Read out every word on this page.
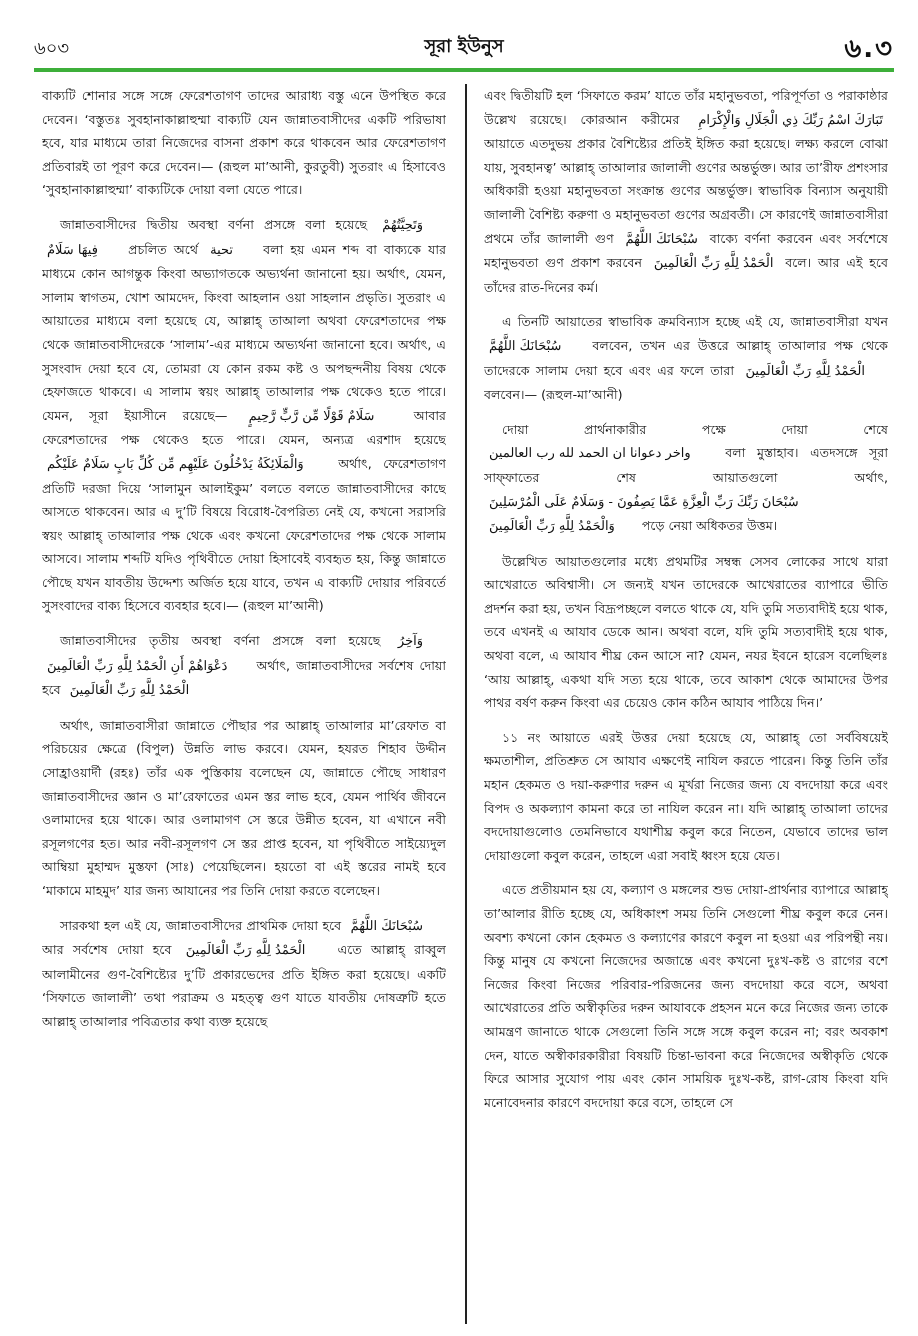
৬০৩	সূরা ইউনুস	৬.৩

বাক্যটি শোনার সঙ্গে সঙ্গে ফেরেশতাগণ তাদের আরাধ্য বস্তু এনে উপস্থিত করে দেবেন। ‘বস্তুতঃ সুবহানাকাল্লাহুম্মা বাক্যটি যেন জান্নাতবাসীদের একটি পরিভাষা হবে, যার মাধ্যমে তারা নিজেদের বাসনা প্রকাশ করে থাকবেন আর ফেরেশতাগণ প্রতিবারই তা পূরণ করে দেবেন।— (রূহুল মা’আনী, কুরতুবী) সুতরাং এ হিসাবেও ‘সুবহানাকাল্লাহুম্মা’ বাক্যটিকে দোয়া বলা যেতে পারে।

জান্নাতবাসীদের দ্বিতীয় অবস্থা বর্ণনা প্রসঙ্গে বলা হয়েছে وَتَحِيَّتُهُمْ فِيهَا سَلَامٌ প্রচলিত অর্থে تحية বলা হয় এমন শব্দ বা বাক্যকে যার মাধ্যমে কোন আগন্তুক কিংবা অভ্যাগতকে অভ্যর্থনা জানানো হয়। অর্থাৎ, যেমন, সালাম স্বাগতম, খোশ আমদেদ, কিংবা আহলান ওয়া সাহলান প্রভৃতি। সুতরাং এ আয়াতের মাধ্যমে বলা হয়েছে যে, আল্লাহ্ তাআলা অথবা ফেরেশতাদের পক্ষ থেকে জান্নাতবাসীদেরকে ‘সালাম’-এর মাধ্যমে অভ্যর্থনা জানানো হবে। অর্থাৎ, এ সুসংবাদ দেয়া হবে যে, তোমরা যে কোন রকম কষ্ট ও অপছন্দনীয় বিষয় থেকে হেফাজতে থাকবে। এ সালাম স্বয়ং আল্লাহ্ তাআলার পক্ষ থেকেও হতে পারে। যেমন, সূরা ইয়াসীনে রয়েছে— سَلَامٌ قَوْلًا مِّن رَّبٍّ رَّحِيمٍ আবার ফেরেশতাদের পক্ষ থেকেও হতে পারে। যেমন, অন্যত্র এরশাদ হয়েছে وَالْمَلَائِكَةُ يَدْخُلُونَ عَلَيْهِم مِّن كُلِّ بَابٍ سَلَامٌ عَلَيْكُم অর্থাৎ, ফেরেশতাগণ প্রতিটি দরজা দিয়ে ‘সালামুন আলাইকুম’ বলতে বলতে জান্নাতবাসীদের কাছে আসতে থাকবেন। আর এ দু’টি বিষয়ে বিরোধ-বৈপরিত্য নেই যে, কখনো সরাসরি স্বয়ং আল্লাহ্ তাআলার পক্ষ থেকে এবং কখনো ফেরেশতাদের পক্ষ থেকে সালাম আসবে। সালাম শব্দটি যদিও পৃথিবীতে দোয়া হিসাবেই ব্যবহৃত হয়, কিন্তু জান্নাতে পৌছে যখন যাবতীয় উদ্দেশ্য অর্জিত হয়ে যাবে, তখন এ বাক্যটি দোয়ার পরিবর্তে সুসংবাদের বাক্য হিসেবে ব্যবহার হবে।— (রূহুল মা’আনী)

জান্নাতবাসীদের তৃতীয় অবস্থা বর্ণনা প্রসঙ্গে বলা হয়েছে وَآخِرُ دَعْوَاهُمْ أَنِ الْحَمْدُ لِلَّهِ رَبِّ الْعَالَمِينَ অর্থাৎ, জান্নাতবাসীদের সর্বশেষ দোয়া হবে الْحَمْدُ لِلَّهِ رَبِّ الْعَالَمِينَ

অর্থাৎ, জান্নাতবাসীরা জান্নাতে পৌছার পর আল্লাহ্ তাআলার মা’রেফাত বা পরিচয়ের ক্ষেত্রে (বিপুল) উন্নতি লাভ করবে। যেমন, হযরত শিহাব উদ্দীন সোহ্রাওয়ার্দী (রহঃ) তাঁর এক পুস্তিকায় বলেছেন যে, জান্নাতে পৌছে সাধারণ জান্নাতবাসীদের জ্ঞান ও মা’রেফাতের এমন স্তর লাভ হবে, যেমন পার্থিব জীবনে ওলামাদের হয়ে থাকে। আর ওলামাগণ সে স্তরে উন্নীত হবেন, যা এখানে নবী রসূলগণের হত। আর নবী-রসূলগণ সে স্তর প্রাপ্ত হবেন, যা পৃথিবীতে সাইয়্যেদুল আম্বিয়া মুহাম্মদ মুস্তফা (সাঃ) পেয়েছিলেন। হয়তো বা এই স্তরের নামই হবে ‘মাকামে মাহমুদ’ যার জন্য আযানের পর তিনি দোয়া করতে বলেছেন।

সারকথা হল এই যে, জান্নাতবাসীদের প্রাথমিক দোয়া হবে سُبْحَانَكَ اللَّهُمَّ আর সর্বশেষ দোয়া হবে الْحَمْدُ لِلَّهِ رَبِّ الْعَالَمِينَ এতে আল্লাহ্ রাব্বুল আলামীনের গুণ-বৈশিষ্ট্যের দু’টি প্রকারভেদের প্রতি ইঙ্গিত করা হয়েছে। একটি ‘সিফাতে জালালী’ তথা পরাক্রম ও মহত্ত্ব গুণ যাতে যাবতীয় দোষত্রুটি হতে আল্লাহ্ তাআলার পবিত্রতার কথা ব্যক্ত হয়েছে

এবং দ্বিতীয়টি হল ‘সিফাতে করম’ যাতে তাঁর মহানুভবতা, পরিপূর্ণতা ও পরাকাষ্ঠার উল্লেখ রয়েছে। কোরআন করীমের تَبَارَكَ اسْمُ رَبِّكَ ذِي الْجَلَالِ وَالْإِكْرَامِ আয়াতে এতদুভয় প্রকার বৈশিষ্ট্যের প্রতিই ইঙ্গিত করা হয়েছে। লক্ষ্য করলে বোঝা যায়, সুবহানত্ব’ আল্লাহ্ তাআলার জালালী গুণের অন্তর্ভুক্ত। আর তা’রীফ প্রশংসার অধিকারী হওয়া মহানুভবতা সংক্রান্ত গুণের অন্তর্ভুক্ত। স্বাভাবিক বিন্যাস অনুযায়ী জালালী বৈশিষ্ট্য করুণা ও মহানুভবতা গুণের অগ্রবর্তী। সে কারণেই জান্নাতবাসীরা প্রথমে তাঁর জালালী গুণ سُبْحَانَكَ اللَّهُمَّ বাক্যে বর্ণনা করবেন এবং সর্বশেষে মহানুভবতা গুণ প্রকাশ করবেন الْحَمْدُ لِلَّهِ رَبِّ الْعَالَمِينَ বলে। আর এই হবে তাঁদের রাত-দিনের কর্ম।

এ তিনটি আয়াতের স্বাভাবিক ক্রমবিন্যাস হচ্ছে এই যে, জান্নাতবাসীরা যখন سُبْحَانَكَ اللَّهُمَّ বলবেন, তখন এর উত্তরে আল্লাহ্ তাআলার পক্ষ থেকে তাদেরকে সালাম দেয়া হবে এবং এর ফলে তারা الْحَمْدُ لِلَّهِ رَبِّ الْعَالَمِينَ বলবেন।— (রূহুল-মা’আনী)

দোয়া প্রার্থনাকারীর পক্ষে দোয়া শেষে واخر دعوانا ان الحمد لله رب العالمين বলা মুস্তাহাব। এতদসঙ্গে সূরা সাফ্ফাতের শেষ আয়াতগুলো অর্থাৎ, سُبْحَانَ رَبِّكَ رَبِّ الْعِزَّةِ عَمَّا يَصِفُونَ - وَسَلَامٌ عَلَى الْمُرْسَلِينَ وَالْحَمْدُ لِلَّهِ رَبِّ الْعَالَمِينَ পড়ে নেয়া অধিকতর উত্তম।

উল্লেখিত আয়াতগুলোর মধ্যে প্রথমটির সম্বন্ধ সেসব লোকের সাথে যারা আখেরাতে অবিশ্বাসী। সে জন্যই যখন তাদেরকে আখেরাতের ব্যাপারে ভীতি প্রদর্শন করা হয়, তখন বিদ্রূপচ্ছলে বলতে থাকে যে, যদি তুমি সত্যবাদীই হয়ে থাক, তবে এখনই এ আযাব ডেকে আন। অথবা বলে, যদি তুমি সত্যবাদীই হয়ে থাক, অথবা বলে, এ আযাব শীঘ্র কেন আসে না? যেমন, নযর ইবনে হারেস বলেছিলঃ ‘আয় আল্লাহ্, একথা যদি সত্য হয়ে থাকে, তবে আকাশ থেকে আমাদের উপর পাথর বর্ষণ করুন কিংবা এর চেয়েও কোন কঠিন আযাব পাঠিয়ে দিন।’

১১ নং আয়াতে এরই উত্তর দেয়া হয়েছে যে, আল্লাহ্ তো সর্ববিষয়েই ক্ষমতাশীল, প্রতিশ্রুত সে আযাব এক্ষণেই নাযিল করতে পারেন। কিন্তু তিনি তাঁর মহান হেকমত ও দয়া-করুণার দরুন এ মূর্খরা নিজের জন্য যে বদদোয়া করে এবং বিপদ ও অকল্যাণ কামনা করে তা নাযিল করেন না। যদি আল্লাহ্ তাআলা তাদের বদদোয়াগুলোও তেমনিভাবে যথাশীঘ্র কবুল করে নিতেন, যেভাবে তাদের ভাল দোয়াগুলো কবুল করেন, তাহলে এরা সবাই ধ্বংস হয়ে যেত।

এতে প্রতীয়মান হয় যে, কল্যাণ ও মঙ্গলের শুভ দোয়া-প্রার্থনার ব্যাপারে আল্লাহ্ তা’আলার রীতি হচ্ছে যে, অধিকাংশ সময় তিনি সেগুলো শীঘ্র কবুল করে নেন। অবশ্য কখনো কোন হেকমত ও কল্যাণের কারণে কবুল না হওয়া এর পরিপন্থী নয়। কিন্তু মানুষ যে কখনো নিজেদের অজান্তে এবং কখনো দুঃখ-কষ্ট ও রাগের বশে নিজের কিংবা নিজের পরিবার-পরিজনের জন্য বদদোয়া করে বসে, অথবা আখেরাতের প্রতি অস্বীকৃতির দরুন আযাবকে প্রহসন মনে করে নিজের জন্য তাকে আমন্ত্রণ জানাতে থাকে সেগুলো তিনি সঙ্গে সঙ্গে কবুল করেন না; বরং অবকাশ দেন, যাতে অস্বীকারকারীরা বিষয়টি চিন্তা-ভাবনা করে নিজেদের অস্বীকৃতি থেকে ফিরে আসার সুযোগ পায় এবং কোন সাময়িক দুঃখ-কষ্ট, রাগ-রোষ কিংবা যদি মনোবেদনার কারণে বদদোয়া করে বসে, তাহলে সে
